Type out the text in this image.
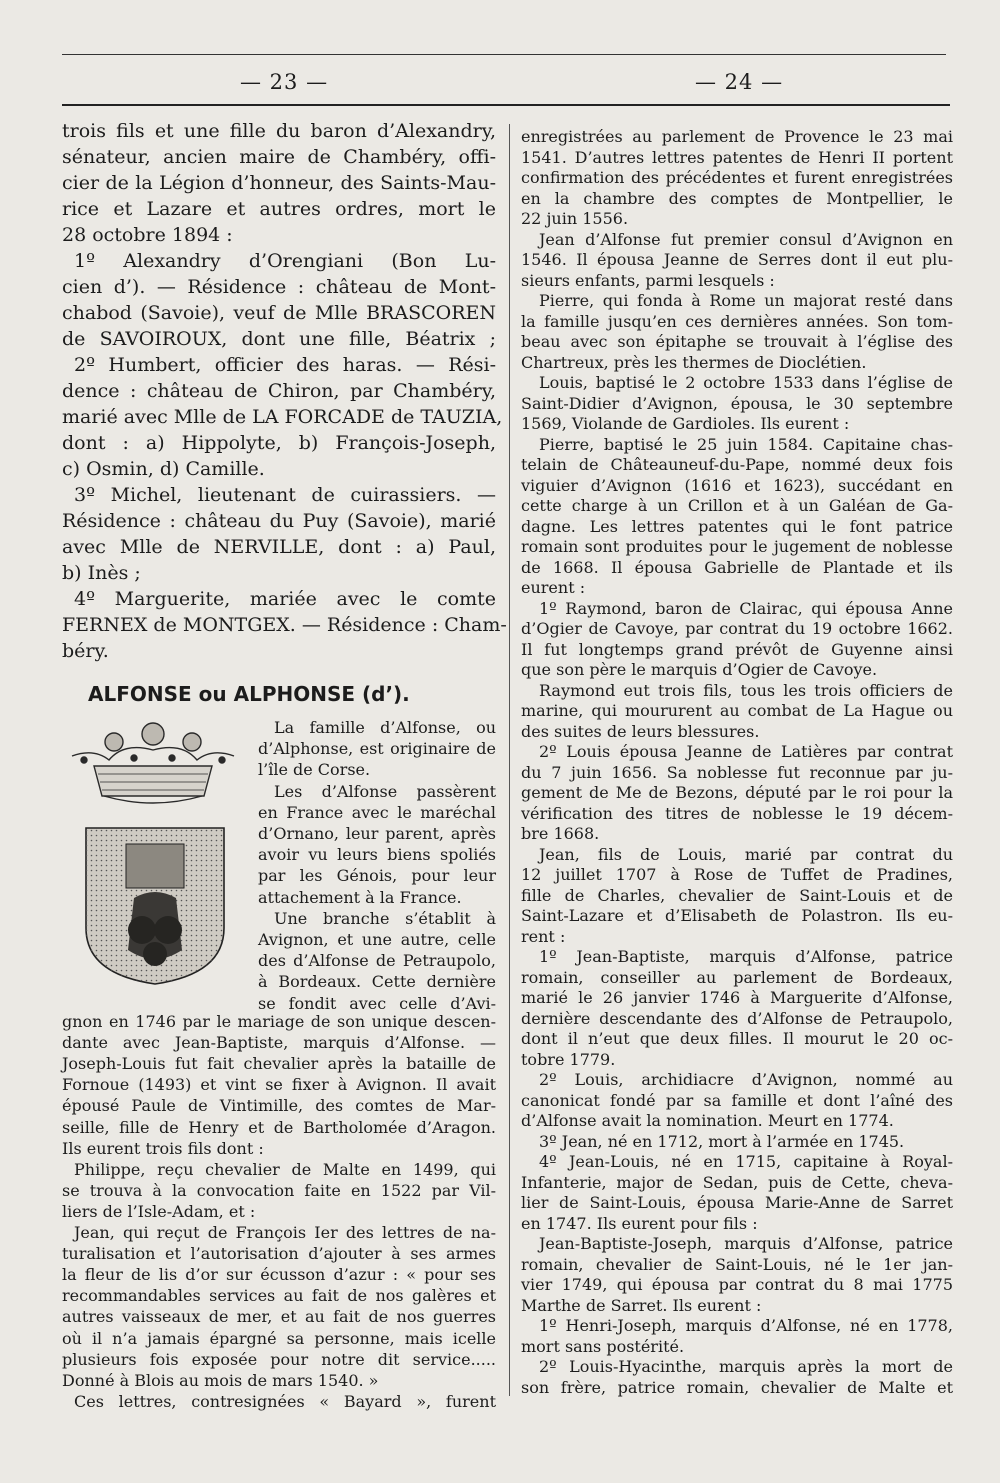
— 23 —	— 24 —
trois fils et une fille du baron d’Alexandry,
sénateur, ancien maire de Chambéry, offi-
cier de la Légion d’honneur, des Saints-Mau-
rice et Lazare et autres ordres, mort le
28 octobre 1894 :
1º Alexandry d’Orengiani (Bon Lu-
cien d’). — Résidence : château de Mont-
chabod (Savoie), veuf de Mlle BRASCOREN
de SAVOIROUX, dont une fille, Béatrix ;
2º Humbert, officier des haras. — Rési-
dence : château de Chiron, par Chambéry,
marié avec Mlle de LA FORCADE de TAUZIA,
dont : a) Hippolyte, b) François-Joseph,
c) Osmin, d) Camille.
3º Michel, lieutenant de cuirassiers. —
Résidence : château du Puy (Savoie), marié
avec Mlle de NERVILLE, dont : a) Paul,
b) Inès ;
4º Marguerite, mariée avec le comte
FERNEX de MONTGEX. — Résidence : Cham-
béry.
ALFONSE ou ALPHONSE (d’).
La famille d’Alfonse, ou
d’Alphonse, est originaire de
l’île de Corse.
Les d’Alfonse passèrent
en France avec le maréchal
d’Ornano, leur parent, après
avoir vu leurs biens spoliés
par les Génois, pour leur
attachement à la France.
Une branche s’établit à
Avignon, et une autre, celle
des d’Alfonse de Petraupolo,
à Bordeaux. Cette dernière
se fondit avec celle d’Avi-
gnon en 1746 par le mariage de son unique descen-
dante avec Jean-Baptiste, marquis d’Alfonse. —
Joseph-Louis fut fait chevalier après la bataille de
Fornoue (1493) et vint se fixer à Avignon. Il avait
épousé Paule de Vintimille, des comtes de Mar-
seille, fille de Henry et de Bartholomée d’Aragon.
Ils eurent trois fils dont :
Philippe, reçu chevalier de Malte en 1499, qui
se trouva à la convocation faite en 1522 par Vil-
liers de l’Isle-Adam, et :
Jean, qui reçut de François Ier des lettres de na-
turalisation et l’autorisation d’ajouter à ses armes
la fleur de lis d’or sur écusson d’azur : « pour ses
recommandables services au fait de nos galères et
autres vaisseaux de mer, et au fait de nos guerres
où il n’a jamais épargné sa personne, mais icelle
plusieurs fois exposée pour notre dit service.....
Donné à Blois au mois de mars 1540. »
Ces lettres, contresignées « Bayard », furent
enregistrées au parlement de Provence le 23 mai
1541. D’autres lettres patentes de Henri II portent
confirmation des précédentes et furent enregistrées
en la chambre des comptes de Montpellier, le
22 juin 1556.
Jean d’Alfonse fut premier consul d’Avignon en
1546. Il épousa Jeanne de Serres dont il eut plu-
sieurs enfants, parmi lesquels :
Pierre, qui fonda à Rome un majorat resté dans
la famille jusqu’en ces dernières années. Son tom-
beau avec son épitaphe se trouvait à l’église des
Chartreux, près les thermes de Dioclétien.
Louis, baptisé le 2 octobre 1533 dans l’église de
Saint-Didier d’Avignon, épousa, le 30 septembre
1569, Violande de Gardioles. Ils eurent :
Pierre, baptisé le 25 juin 1584. Capitaine chas-
telain de Châteauneuf-du-Pape, nommé deux fois
viguier d’Avignon (1616 et 1623), succédant en
cette charge à un Crillon et à un Galéan de Ga-
dagne. Les lettres patentes qui le font patrice
romain sont produites pour le jugement de noblesse
de 1668. Il épousa Gabrielle de Plantade et ils
eurent :
1º Raymond, baron de Clairac, qui épousa Anne
d’Ogier de Cavoye, par contrat du 19 octobre 1662.
Il fut longtemps grand prévôt de Guyenne ainsi
que son père le marquis d’Ogier de Cavoye.
Raymond eut trois fils, tous les trois officiers de
marine, qui moururent au combat de La Hague ou
des suites de leurs blessures.
2º Louis épousa Jeanne de Latières par contrat
du 7 juin 1656. Sa noblesse fut reconnue par ju-
gement de Me de Bezons, député par le roi pour la
vérification des titres de noblesse le 19 décem-
bre 1668.
Jean, fils de Louis, marié par contrat du
12 juillet 1707 à Rose de Tuffet de Pradines,
fille de Charles, chevalier de Saint-Louis et de
Saint-Lazare et d’Elisabeth de Polastron. Ils eu-
rent :
1º Jean-Baptiste, marquis d’Alfonse, patrice
romain, conseiller au parlement de Bordeaux,
marié le 26 janvier 1746 à Marguerite d’Alfonse,
dernière descendante des d’Alfonse de Petraupolo,
dont il n’eut que deux filles. Il mourut le 20 oc-
tobre 1779.
2º Louis, archidiacre d’Avignon, nommé au
canonicat fondé par sa famille et dont l’aîné des
d’Alfonse avait la nomination. Meurt en 1774.
3º Jean, né en 1712, mort à l’armée en 1745.
4º Jean-Louis, né en 1715, capitaine à Royal-
Infanterie, major de Sedan, puis de Cette, cheva-
lier de Saint-Louis, épousa Marie-Anne de Sarret
en 1747. Ils eurent pour fils :
Jean-Baptiste-Joseph, marquis d’Alfonse, patrice
romain, chevalier de Saint-Louis, né le 1er jan-
vier 1749, qui épousa par contrat du 8 mai 1775
Marthe de Sarret. Ils eurent :
1º Henri-Joseph, marquis d’Alfonse, né en 1778,
mort sans postérité.
2º Louis-Hyacinthe, marquis après la mort de
son frère, patrice romain, chevalier de Malte et
